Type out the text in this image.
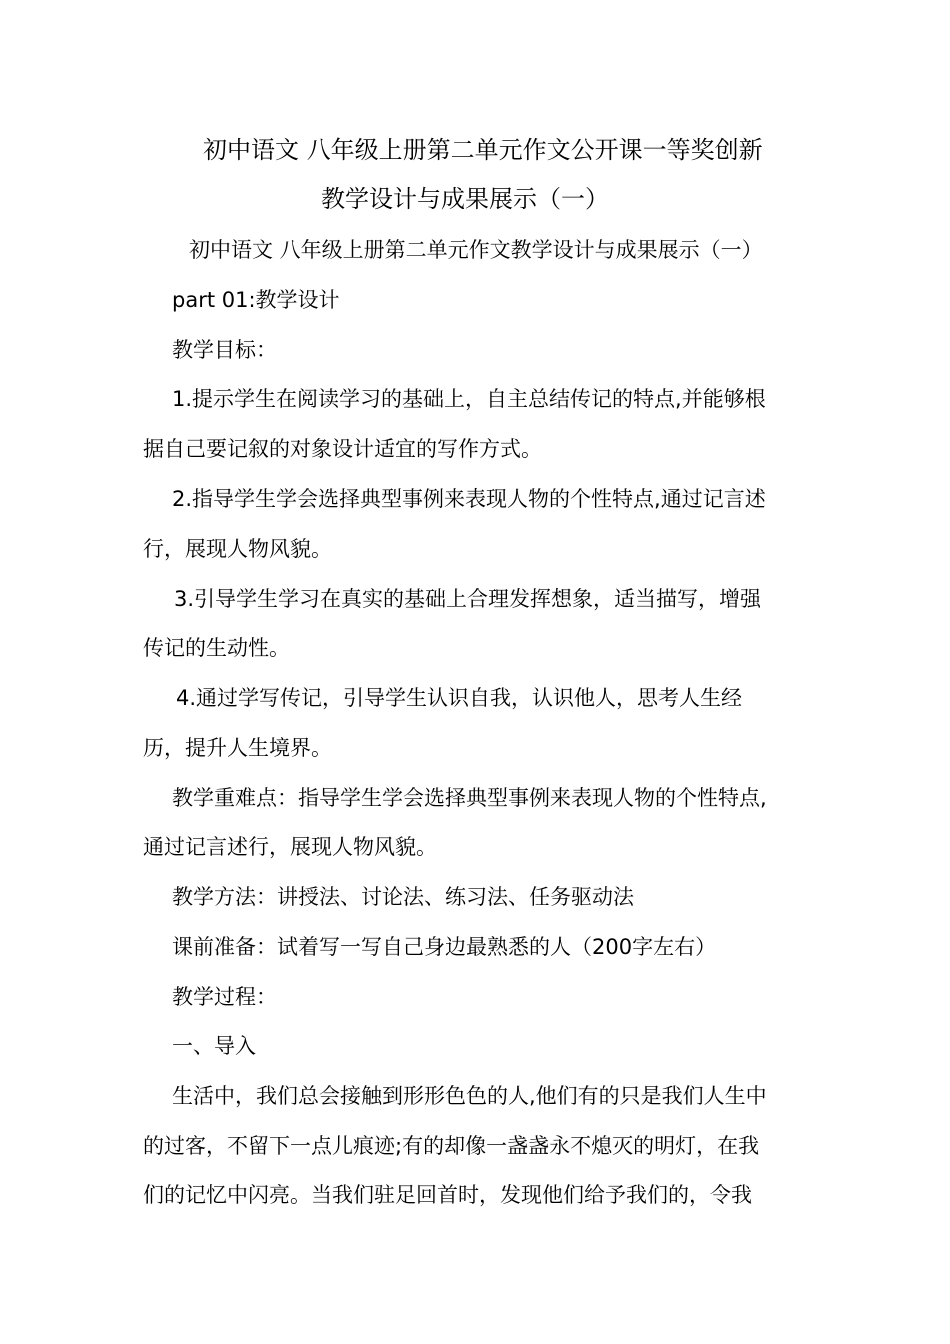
初中语文 八年级上册第二单元作文公开课一等奖创新
教学设计与成果展示（一）
初中语文 八年级上册第二单元作文教学设计与成果展示（一）
part 01:教学设计
教学目标：
1.提示学生在阅读学习的基础上，自主总结传记的特点,并能够根
据自己要记叙的对象设计适宜的写作方式。
2.指导学生学会选择典型事例来表现人物的个性特点,通过记言述
行，展现人物风貌。
3.引导学生学习在真实的基础上合理发挥想象，适当描写，增强
传记的生动性。
4.通过学写传记，引导学生认识自我，认识他人，思考人生经
历，提升人生境界。
教学重难点：指导学生学会选择典型事例来表现人物的个性特点,
通过记言述行，展现人物风貌。
教学方法：讲授法、讨论法、练习法、任务驱动法
课前准备：试着写一写自己身边最熟悉的人（200字左右）
教学过程：
一、导入
生活中，我们总会接触到形形色色的人,他们有的只是我们人生中
的过客，不留下一点儿痕迹;有的却像一盏盏永不熄灭的明灯，在我
们的记忆中闪亮。当我们驻足回首时，发现他们给予我们的，令我
